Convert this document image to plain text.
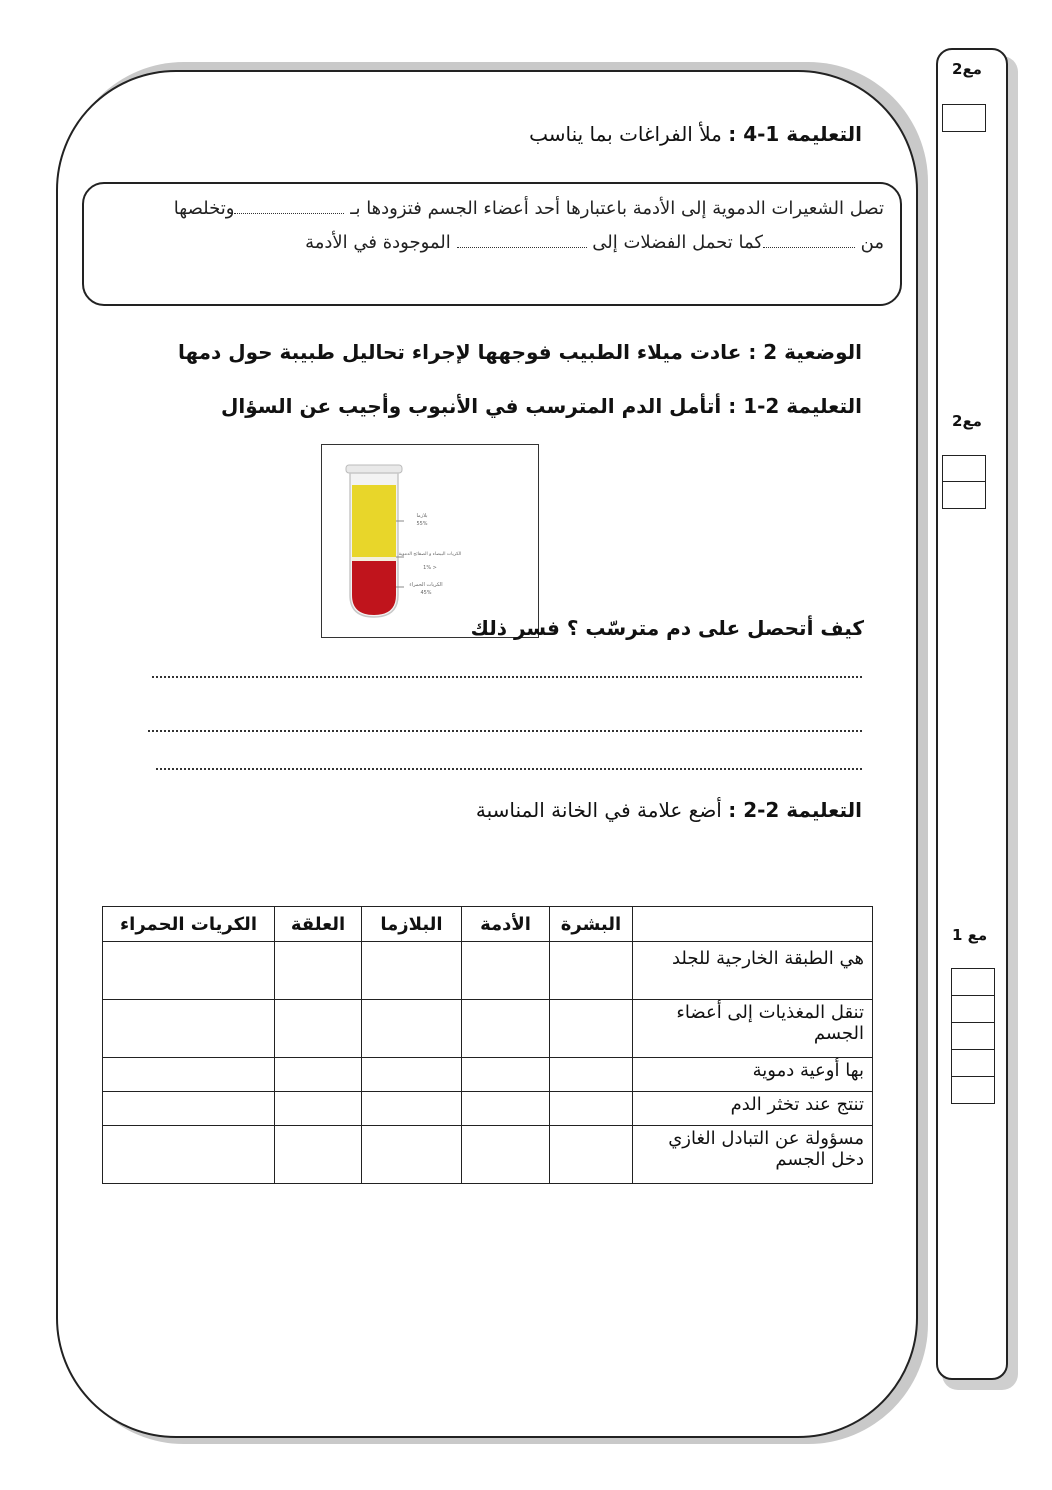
مع2
مع2
مع 1
التعليمة 1-4 : ملأ الفراغات بما يناسب
تصل الشعيرات الدموية إلى الأدمة باعتبارها أحد أعضاء الجسم فتزودها بـ وتخلصها
من كما تحمل الفضلات إلى  الموجودة في الأدمة
الوضعية 2 : عادت ميلاء الطبيب فوجهها لإجراء تحاليل طبيبة حول دمها
التعليمة 2-1 : أتأمل الدم المترسب في الأنبوب وأجيب عن السؤال
بلازما
55%
الكريات البيضاء و الصفائح الدموية
< 1%
الكريات الحمراء
45%
كيف أتحصل على دم مترسّب ؟ فسر ذلك
التعليمة 2-2 : أضع علامة في الخانة المناسبة
	البشرة	الأدمة	البلازما	العلقة	الكريات الحمراء
هي الطبقة الخارجية للجلد					
تنقل المغذيات إلى أعضاء الجسم					
بها أوعية دموية					
تنتج عند تخثر الدم					
مسؤولة عن التبادل الغازي دخل الجسم					
